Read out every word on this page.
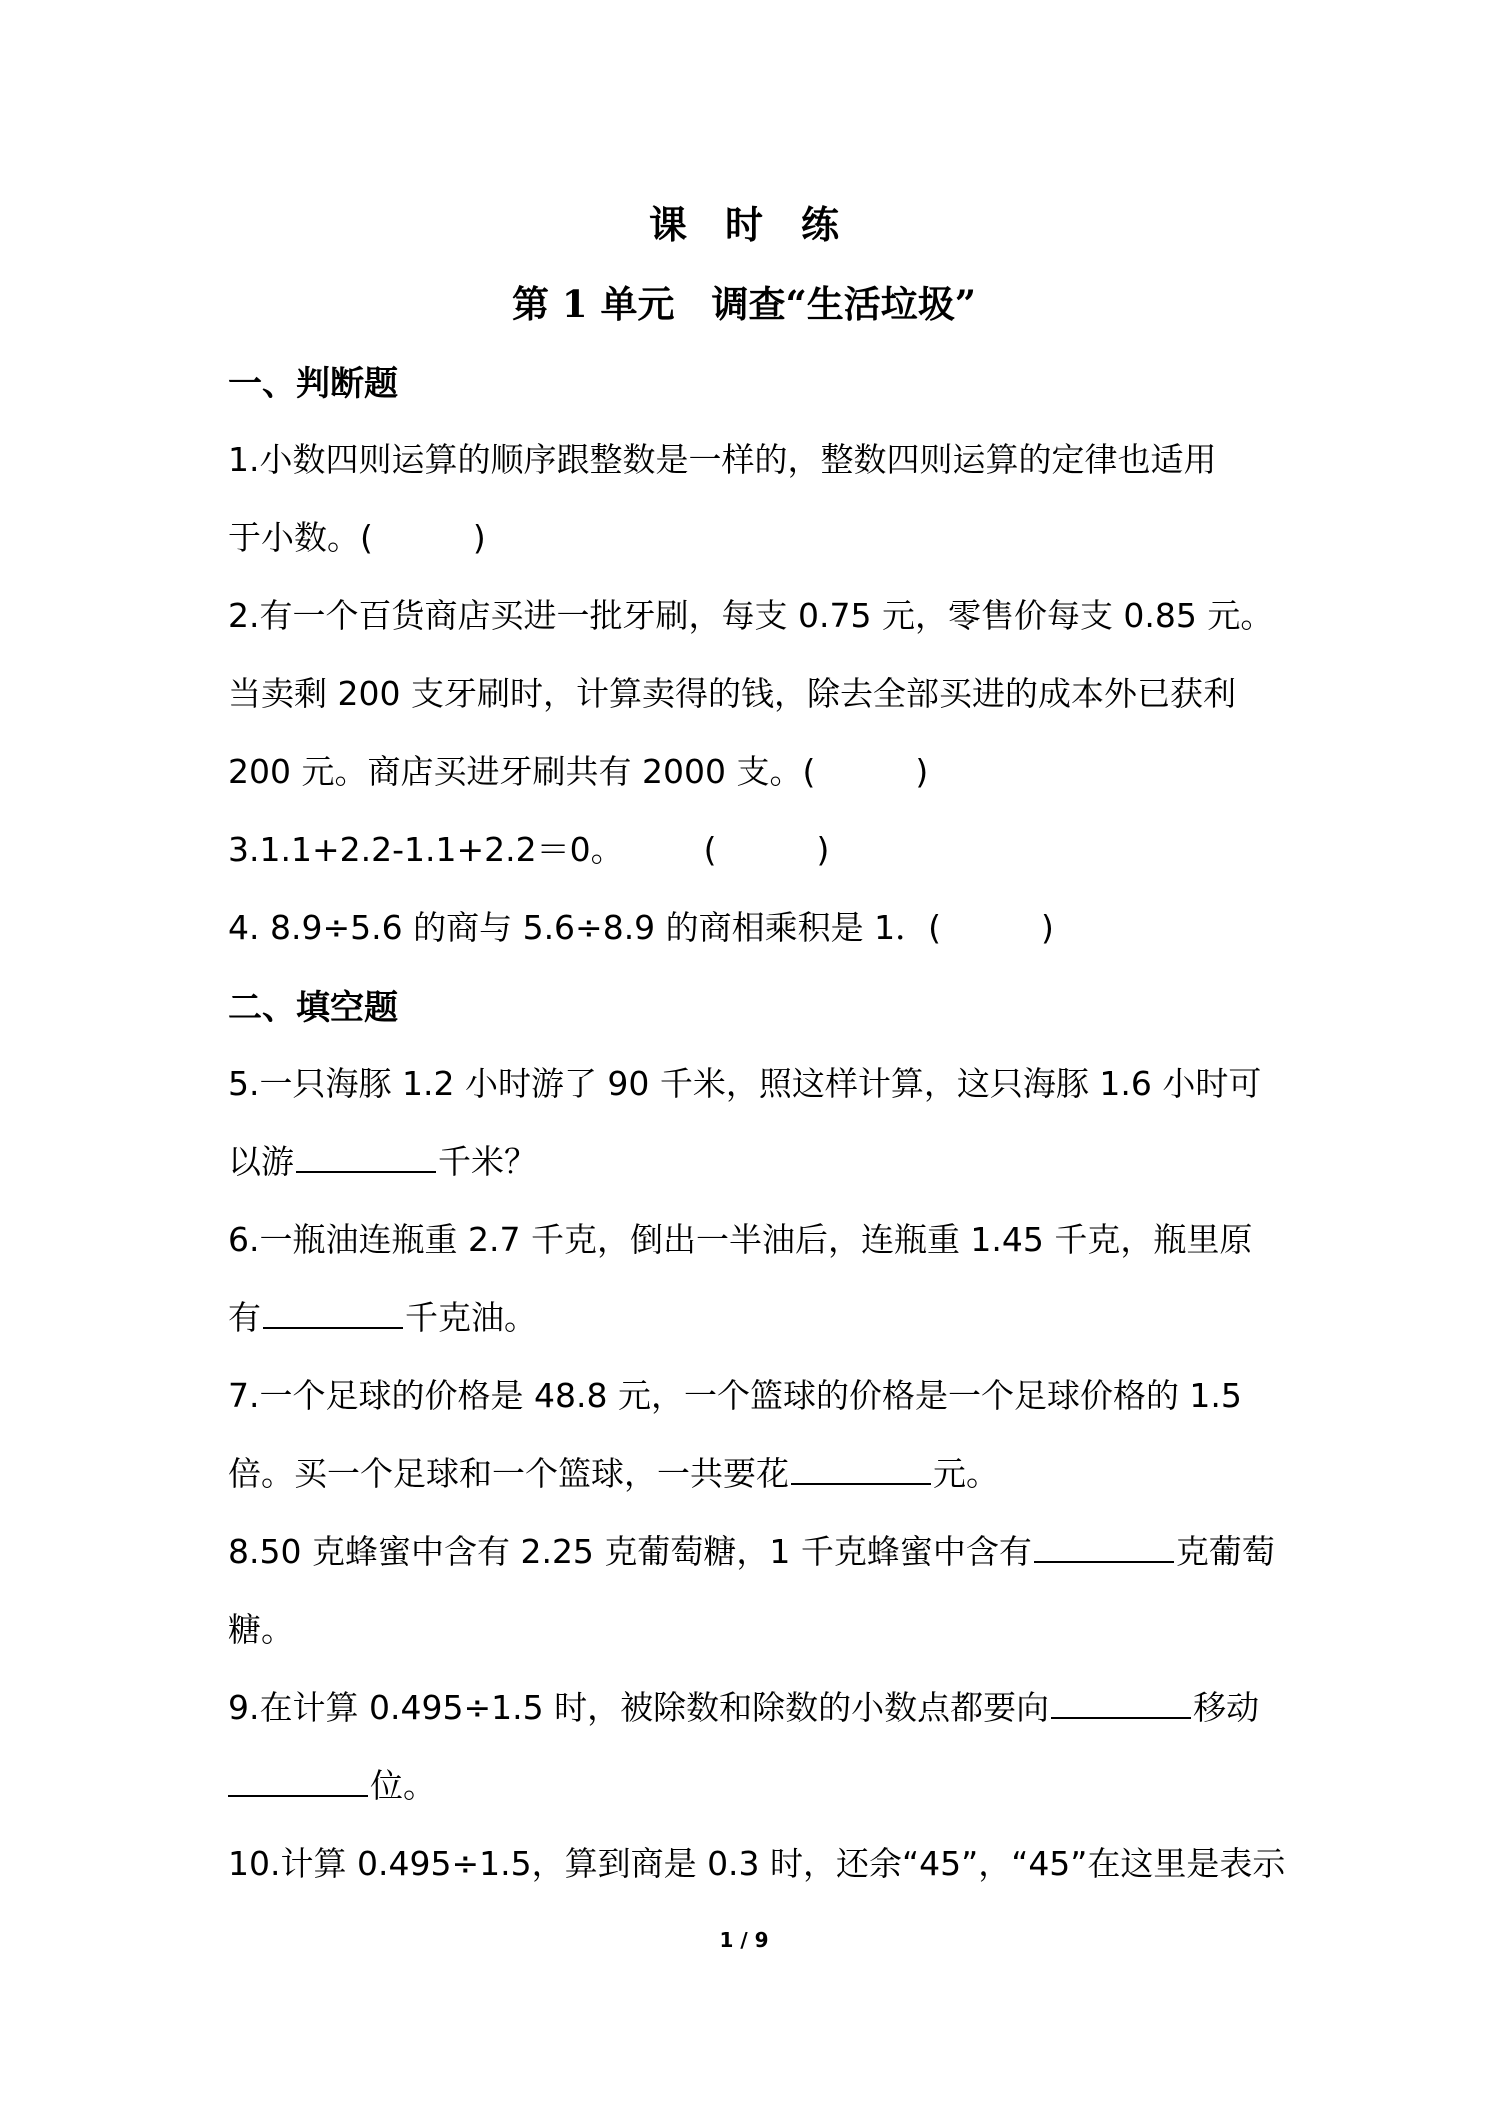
课　时　练
第 1 单元　调查“生活垃圾”
一、判断题
1.小数四则运算的顺序跟整数是一样的，整数四则运算的定律也适用
于小数。(	)
2.有一个百货商店买进一批牙刷，每支 0.75 元，零售价每支 0.85 元。
当卖剩 200 支牙刷时，计算卖得的钱，除去全部买进的成本外已获利
200 元。商店买进牙刷共有 2000 支。(	)
3.1.1+2.2-1.1+2.2＝0。 (	)
4. 8.9÷5.6 的商与 5.6÷8.9 的商相乘积是 1．(	)
二、填空题
5.一只海豚 1.2 小时游了 90 千米，照这样计算，这只海豚 1.6 小时可
以游	千米？
6.一瓶油连瓶重 2.7 千克，倒出一半油后，连瓶重 1.45 千克，瓶里原
有	千克油。
7.一个足球的价格是 48.8 元，一个篮球的价格是一个足球价格的 1.5
倍。买一个足球和一个篮球，一共要花	元。
8.50 克蜂蜜中含有 2.25 克葡萄糖，1 千克蜂蜜中含有	克葡萄
糖。
9.在计算 0.495÷1.5 时，被除数和除数的小数点都要向	移动
位。
10.计算 0.495÷1.5，算到商是 0.3 时，还余“45”，“45”在这里是表示
1 / 9
